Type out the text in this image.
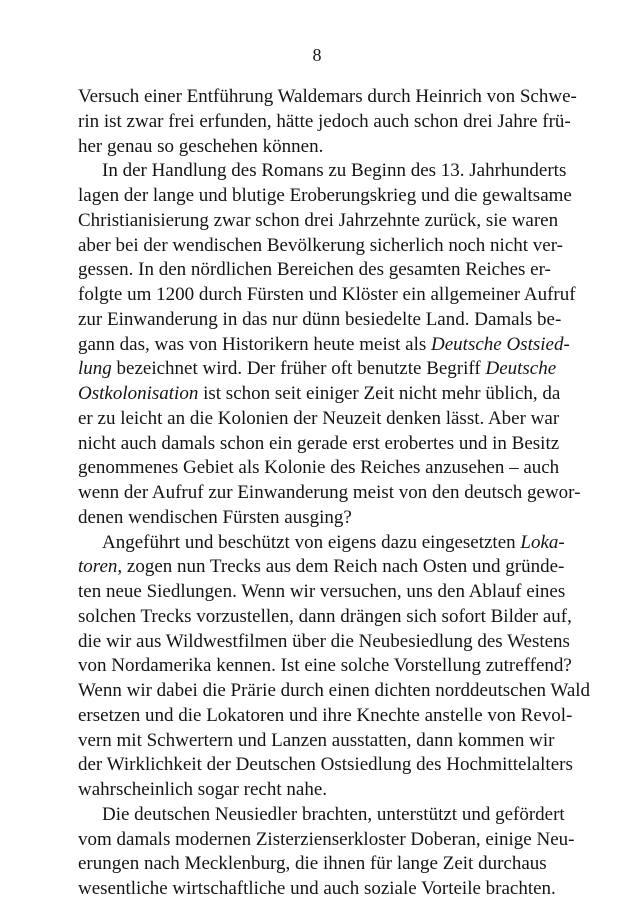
8
Versuch einer Entführung Waldemars durch Heinrich von Schwe-
rin ist zwar frei erfunden, hätte jedoch auch schon drei Jahre frü-
her genau so geschehen können.
In der Handlung des Romans zu Beginn des 13. Jahrhunderts
lagen der lange und blutige Eroberungskrieg und die gewaltsame
Christianisierung zwar schon drei Jahrzehnte zurück, sie waren
aber bei der wendischen Bevölkerung sicherlich noch nicht ver-
gessen. In den nördlichen Bereichen des gesamten Reiches er-
folgte um 1200 durch Fürsten und Klöster ein allgemeiner Aufruf
zur Einwanderung in das nur dünn besiedelte Land. Damals be-
gann das, was von Historikern heute meist als Deutsche Ostsied-
lung bezeichnet wird. Der früher oft benutzte Begriff Deutsche
Ostkolonisation ist schon seit einiger Zeit nicht mehr üblich, da
er zu leicht an die Kolonien der Neuzeit denken lässt. Aber war
nicht auch damals schon ein gerade erst erobertes und in Besitz
genommenes Gebiet als Kolonie des Reiches anzusehen – auch
wenn der Aufruf zur Einwanderung meist von den deutsch gewor-
denen wendischen Fürsten ausging?
Angeführt und beschützt von eigens dazu eingesetzten Loka-
toren, zogen nun Trecks aus dem Reich nach Osten und gründe-
ten neue Siedlungen. Wenn wir versuchen, uns den Ablauf eines
solchen Trecks vorzustellen, dann drängen sich sofort Bilder auf,
die wir aus Wildwestfilmen über die Neubesiedlung des Westens
von Nordamerika kennen. Ist eine solche Vorstellung zutreffend?
Wenn wir dabei die Prärie durch einen dichten norddeutschen Wald
ersetzen und die Lokatoren und ihre Knechte anstelle von Revol-
vern mit Schwertern und Lanzen ausstatten, dann kommen wir
der Wirklichkeit der Deutschen Ostsiedlung des Hochmittelalters
wahrscheinlich sogar recht nahe.
Die deutschen Neusiedler brachten, unterstützt und gefördert
vom damals modernen Zisterzienserkloster Doberan, einige Neu-
erungen nach Mecklenburg, die ihnen für lange Zeit durchaus
wesentliche wirtschaftliche und auch soziale Vorteile brachten.
